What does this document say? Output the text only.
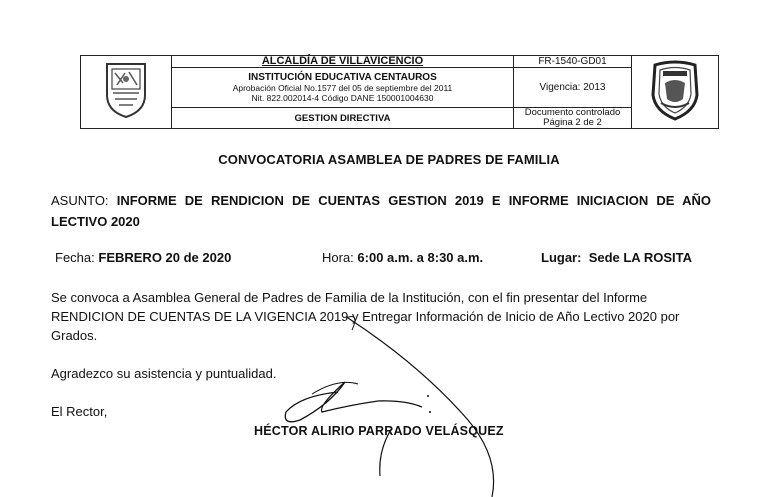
	ALCALDÍA DE VILLAVICENCIO	FR-1540-GD01	

	INSTITUCIÓN EDUCATIVA CENTAUROS
Aprobación Oficial No.1577 del 05 de septiembre del 2011
Nit. 822.002014-4 Código DANE 150001004630	Vigencia: 2013	

	GESTION DIRECTIVA	Documento controlado
Página 2 de 2	
CONVOCATORIA ASAMBLEA DE PADRES DE FAMILIA
ASUNTO: INFORME DE RENDICION DE CUENTAS GESTION 2019 E INFORME INICIACION DE AÑO LECTIVO 2020
Fecha: FEBRERO 20 de 2020	Hora: 6:00 a.m. a 8:30 a.m.	Lugar: Sede LA ROSITA
Se convoca a Asamblea General de Padres de Familia de la Institución, con el fin presentar del Informe RENDICION DE CUENTAS DE LA VIGENCIA 2019 y Entregar Información de Inicio de Año Lectivo 2020 por Grados.
Agradezco su asistencia y puntualidad.
El Rector,
HÉCTOR ALIRIO PARRADO VELÁSQUEZ
